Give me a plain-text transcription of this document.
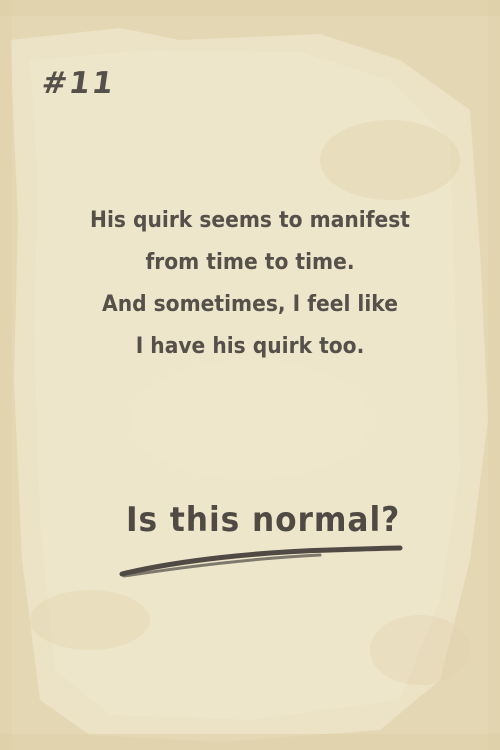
#11
His quirk seems to manifest
from time to time.
And sometimes, I feel like
I have his quirk too.
Is this normal?
